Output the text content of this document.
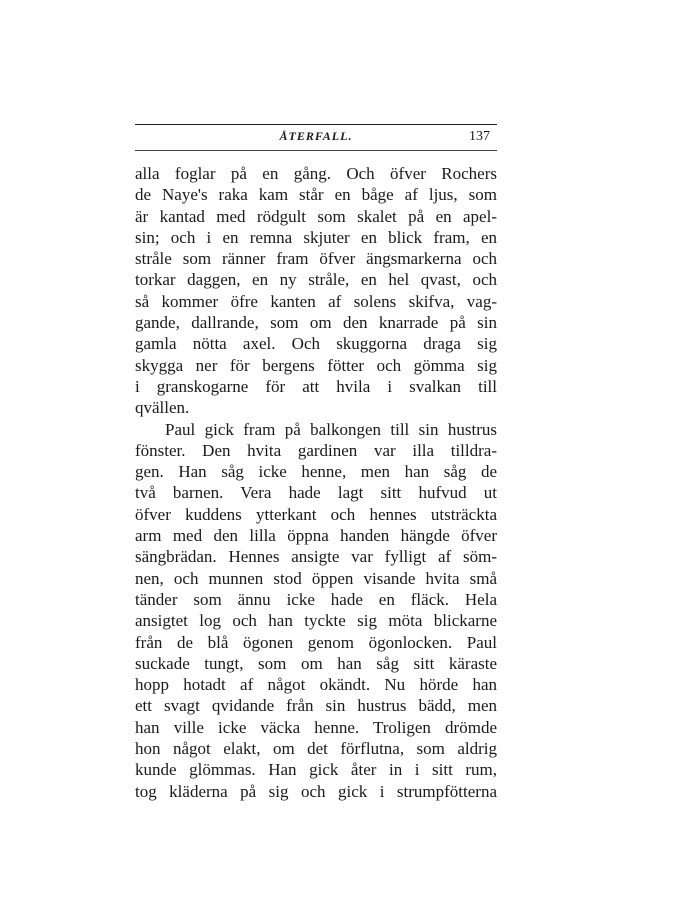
ÅTERFALL.	137
alla foglar på en gång. Och öfver Rochers
de Naye's raka kam står en båge af ljus, som
är kantad med rödgult som skalet på en apel-
sin; och i en remna skjuter en blick fram, en
stråle som ränner fram öfver ängsmarkerna och
torkar daggen, en ny stråle, en hel qvast, och
så kommer öfre kanten af solens skifva, vag-
gande, dallrande, som om den knarrade på sin
gamla nötta axel. Och skuggorna draga sig
skygga ner för bergens fötter och gömma sig
i granskogarne för att hvila i svalkan till
qvällen.
Paul gick fram på balkongen till sin hustrus
fönster. Den hvita gardinen var illa tilldra-
gen. Han såg icke henne, men han såg de
två barnen. Vera hade lagt sitt hufvud ut
öfver kuddens ytterkant och hennes utsträckta
arm med den lilla öppna handen hängde öfver
sängbrädan. Hennes ansigte var fylligt af söm-
nen, och munnen stod öppen visande hvita små
tänder som ännu icke hade en fläck. Hela
ansigtet log och han tyckte sig möta blickarne
från de blå ögonen genom ögonlocken. Paul
suckade tungt, som om han såg sitt käraste
hopp hotadt af något okändt. Nu hörde han
ett svagt qvidande från sin hustrus bädd, men
han ville icke väcka henne. Troligen drömde
hon något elakt, om det förflutna, som aldrig
kunde glömmas. Han gick åter in i sitt rum,
tog kläderna på sig och gick i strumpfötterna
